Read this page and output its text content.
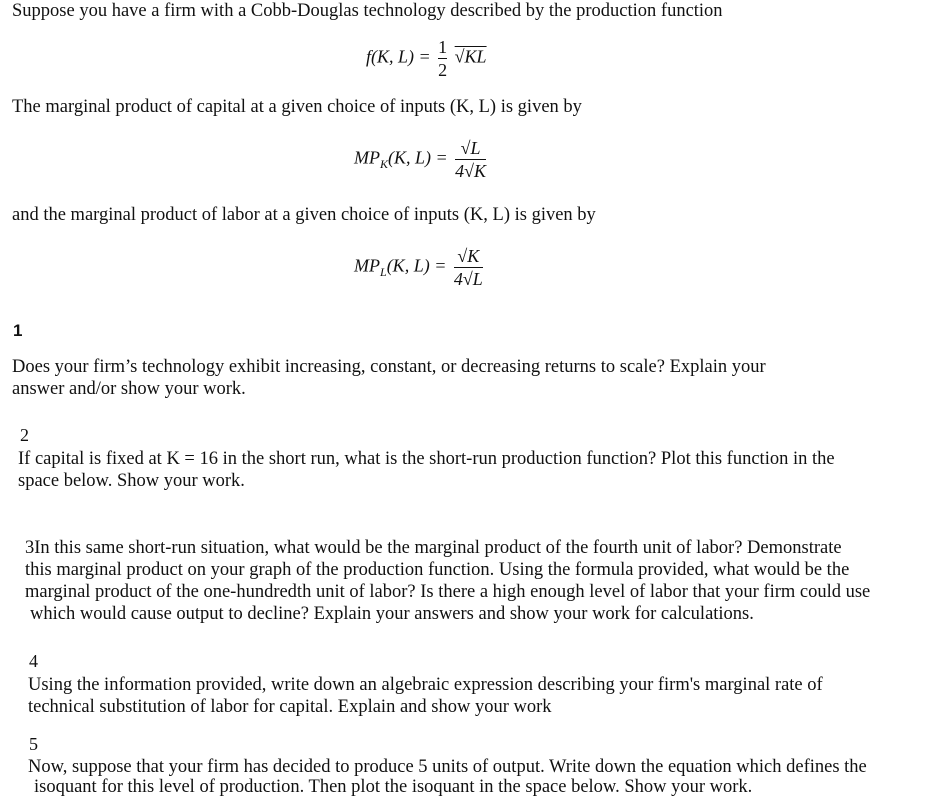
Suppose you have a firm with a Cobb-Douglas technology described by the production function
f(K, $L) = \frac{1}{2} √KL$
The marginal product of capital at a given choice of inputs (K, L) is given by
$MP_K(K$, $L) = \frac{√L}{4√K}$
and the marginal product of labor at a given choice of inputs (K, L) is given by
$MP_L(K$, $L) = \frac{√K}{4√L}$
1
Does your firm’s technology exhibit increasing, constant, or decreasing returns to scale? Explain your
answer and/or show your work.
2
If capital is fixed at K = 16 in the short run, what is the short-run production function? Plot this function in the
space below. Show your work.
3In this same short-run situation, what would be the marginal product of the fourth unit of labor? Demonstrate
this marginal product on your graph of the production function. Using the formula provided, what would be the
marginal product of the one-hundredth unit of labor? Is there a high enough level of labor that your firm could use
which would cause output to decline? Explain your answers and show your work for calculations.
4
Using the information provided, write down an algebraic expression describing your firm's marginal rate of
technical substitution of labor for capital. Explain and show your work
5
Now, suppose that your firm has decided to produce 5 units of output. Write down the equation which defines the
isoquant for this level of production. Then plot the isoquant in the space below. Show your work.
